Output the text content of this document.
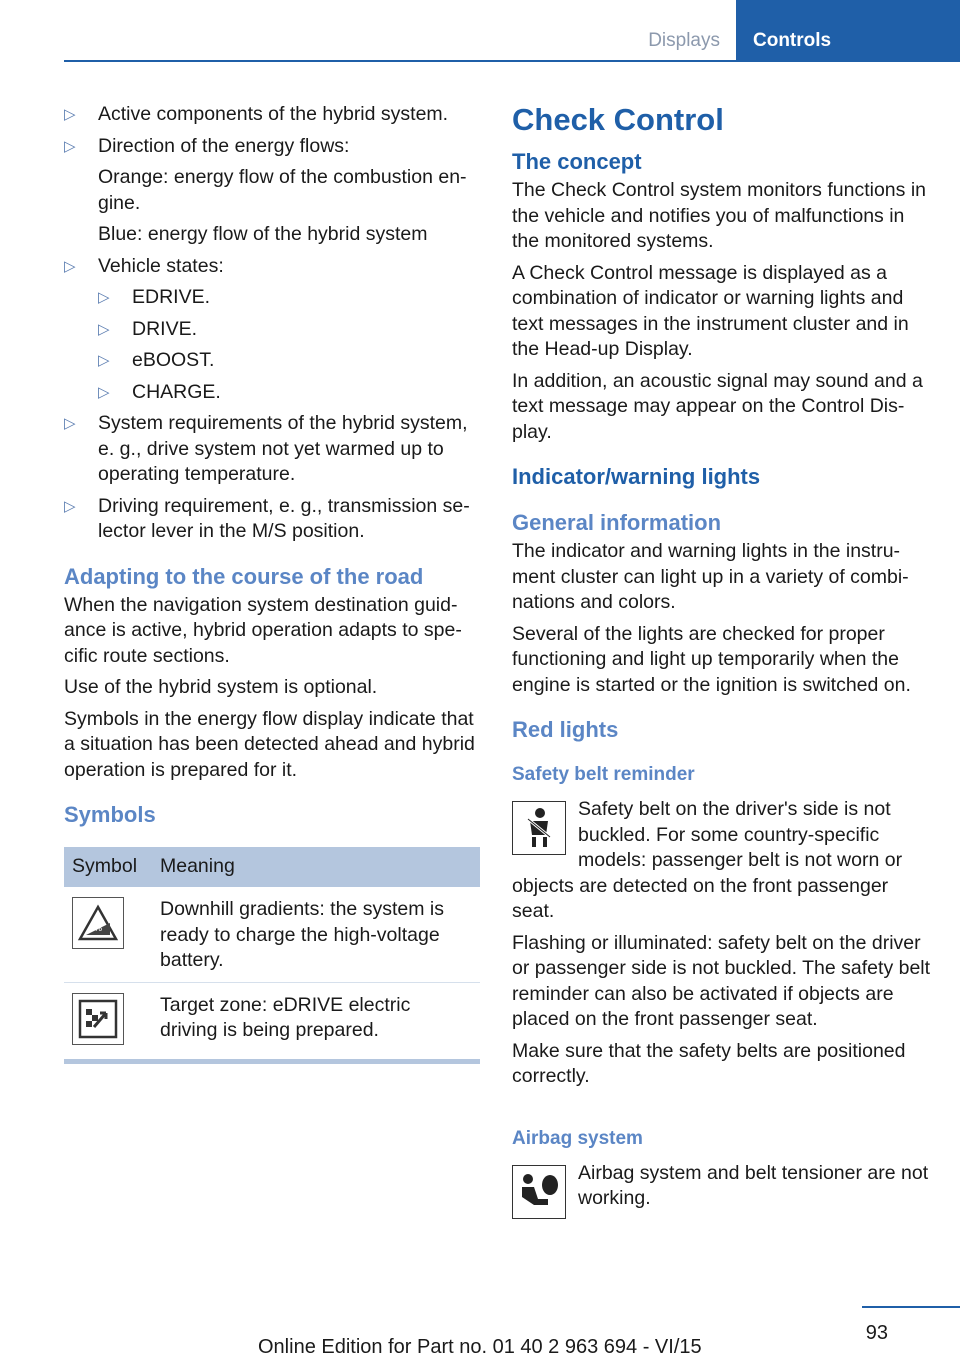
Displays	Controls
▷ Active components of the hybrid system.
▷ Direction of the energy flows:
Orange: energy flow of the combustion en-gine.
Blue: energy flow of the hybrid system
▷ Vehicle states:
▷ EDRIVE.
▷ DRIVE.
▷ eBOOST.
▷ CHARGE.
▷ System requirements of the hybrid system, e. g., drive system not yet warmed up to operating temperature.
▷ Driving requirement, e. g., transmission se-lector lever in the M/S position.
Adapting to the course of the road

When the navigation system destination guid-ance is active, hybrid operation adapts to spe-cific route sections.

Use of the hybrid system is optional.

Symbols in the energy flow display indicate that a situation has been detected ahead and hybrid operation is prepared for it.

Symbols
Symbol	Meaning

%	Downhill gradients: the system is ready to charge the high-voltage battery.

	Target zone: eDRIVE electric driving is being prepared.
Check Control
The concept

The Check Control system monitors functions in the vehicle and notifies you of malfunctions in the monitored systems.

A Check Control message is displayed as a combination of indicator or warning lights and text messages in the instrument cluster and in the Head-up Display.

In addition, an acoustic signal may sound and a text message may appear on the Control Dis-play.

Indicator/warning lights
General information

The indicator and warning lights in the instru-ment cluster can light up in a variety of combi-nations and colors.

Several of the lights are checked for proper functioning and light up temporarily when the engine is started or the ignition is switched on.

Red lights
Safety belt reminder
Safety belt on the driver's side is not buckled. For some country-specific models: passenger belt is not worn or

objects are detected on the front passenger seat.

Flashing or illuminated: safety belt on the driver or passenger side is not buckled. The safety belt reminder can also be activated if objects are placed on the front passenger seat.

Make sure that the safety belts are positioned correctly.

Airbag system
Airbag system and belt tensioner are not working.
93
Online Edition for Part no. 01 40 2 963 694 - VI/15
